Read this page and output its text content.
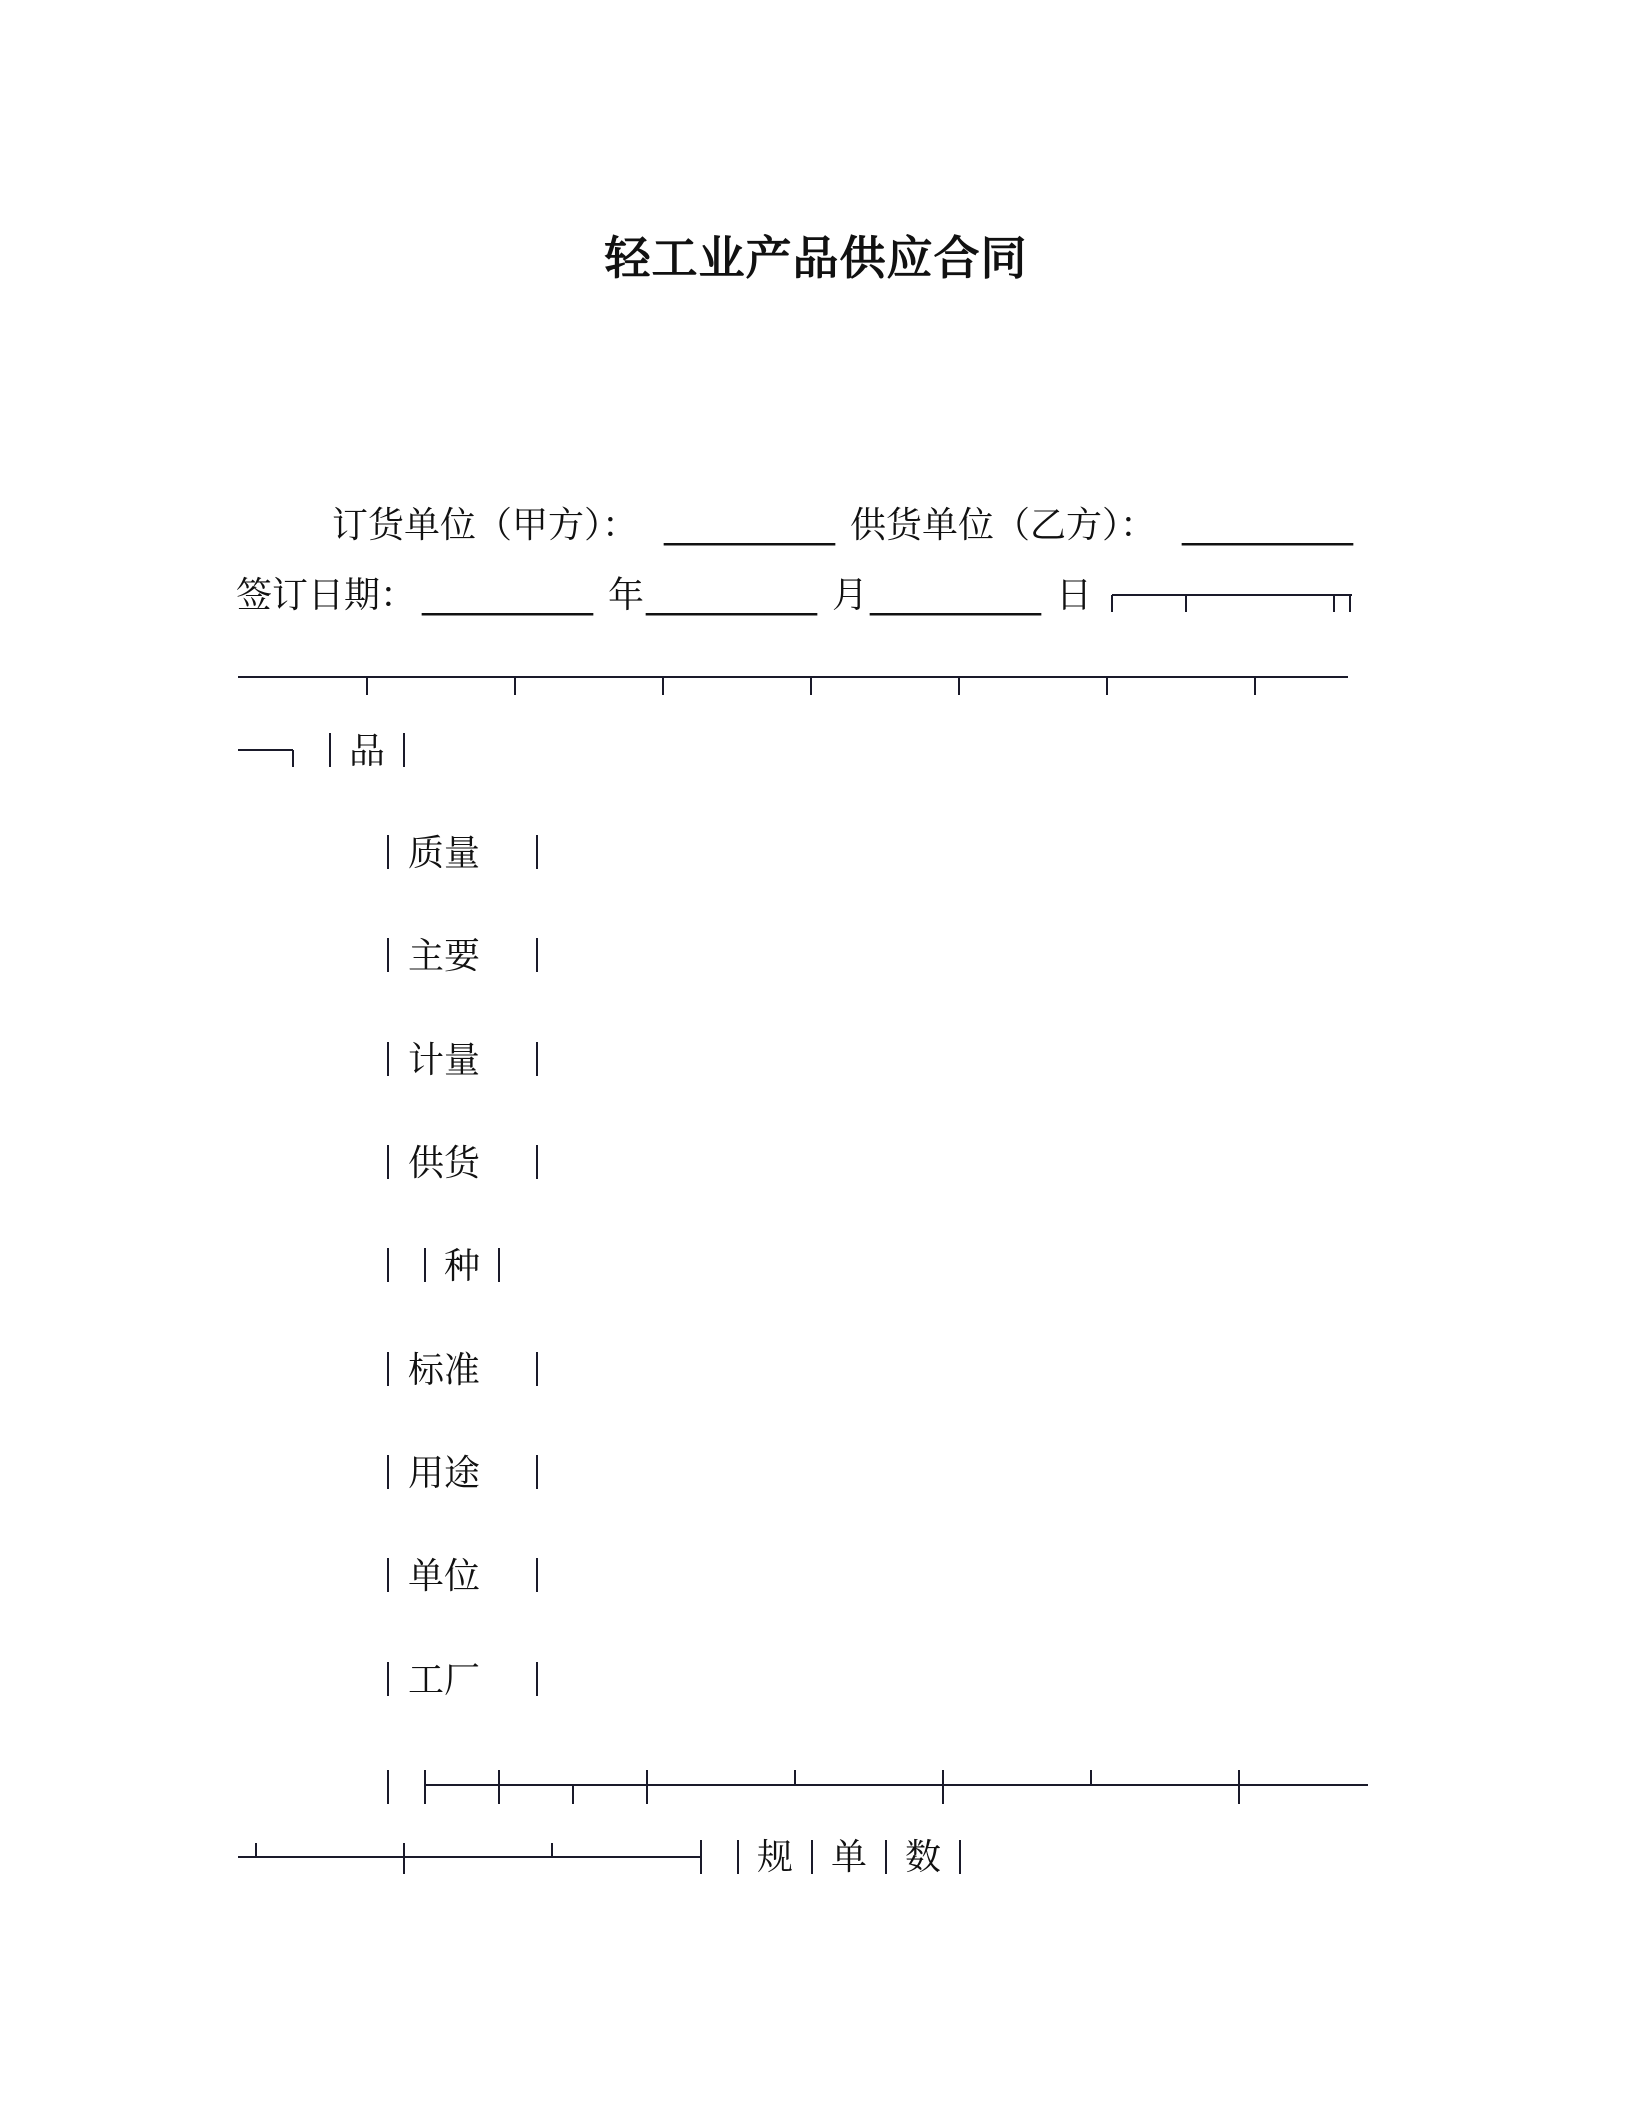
轻工业产品供应合同
订货单位（甲方）： __________ 供货单位（乙方）： __________
签订日期： __________ 年 __________ 月 __________ 日
品
质量
主要
计量
供货
种
标准
用途
单位
工厂
规 单 数
